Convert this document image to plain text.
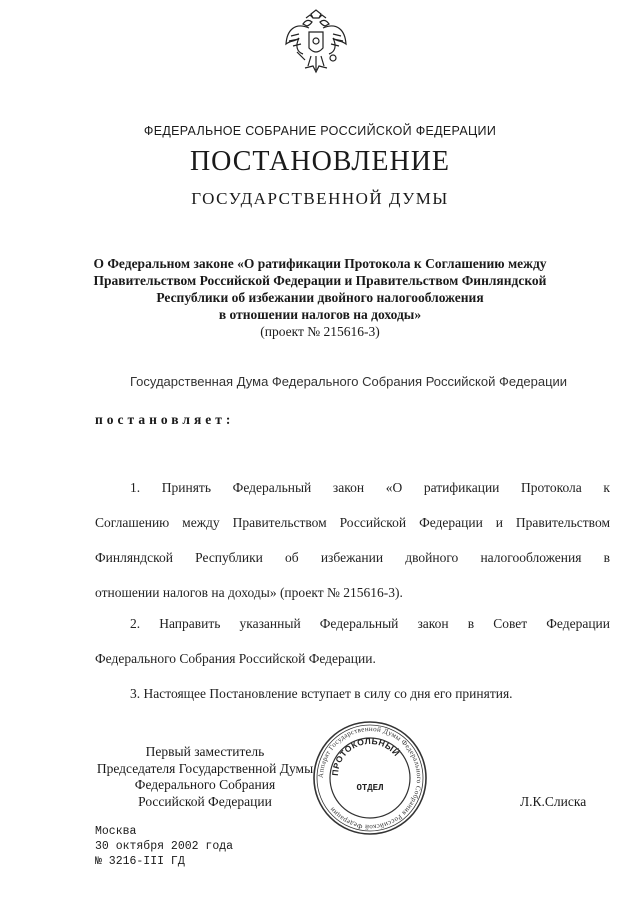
ФЕДЕРАЛЬНОЕ СОБРАНИЕ РОССИЙСКОЙ ФЕДЕРАЦИИ
ПОСТАНОВЛЕНИЕ
ГОСУДАРСТВЕННОЙ ДУМЫ
О Федеральном законе «О ратификации Протокола к Соглашению между
Правительством Российской Федерации и Правительством Финляндской
Республики об избежании двойного налогообложения
в отношении налогов на доходы»
(проект № 215616-3)
Государственная Дума Федерального Собрания Российской Федерации
постановляет:
1. Принять Федеральный закон «О ратификации Протокола к
Соглашению между Правительством Российской Федерации и Правительством
Финляндской Республики об избежании двойного налогообложения в
отношении налогов на доходы» (проект № 215616-3).
2. Направить указанный Федеральный закон в Совет Федерации
Федерального Собрания Российской Федерации.
3. Настоящее Постановление вступает в силу со дня его принятия.
Первый заместитель
Председателя Государственной Думы
Федерального Собрания
Российской Федерации
Аппарат Государственной Думы Федерального Собрания Российской Федерации
ПРОТОКОЛЬНЫЙ
ОТДЕЛ
Л.К.Слиска
Москва
30 октября 2002 года
№ 3216-III ГД
